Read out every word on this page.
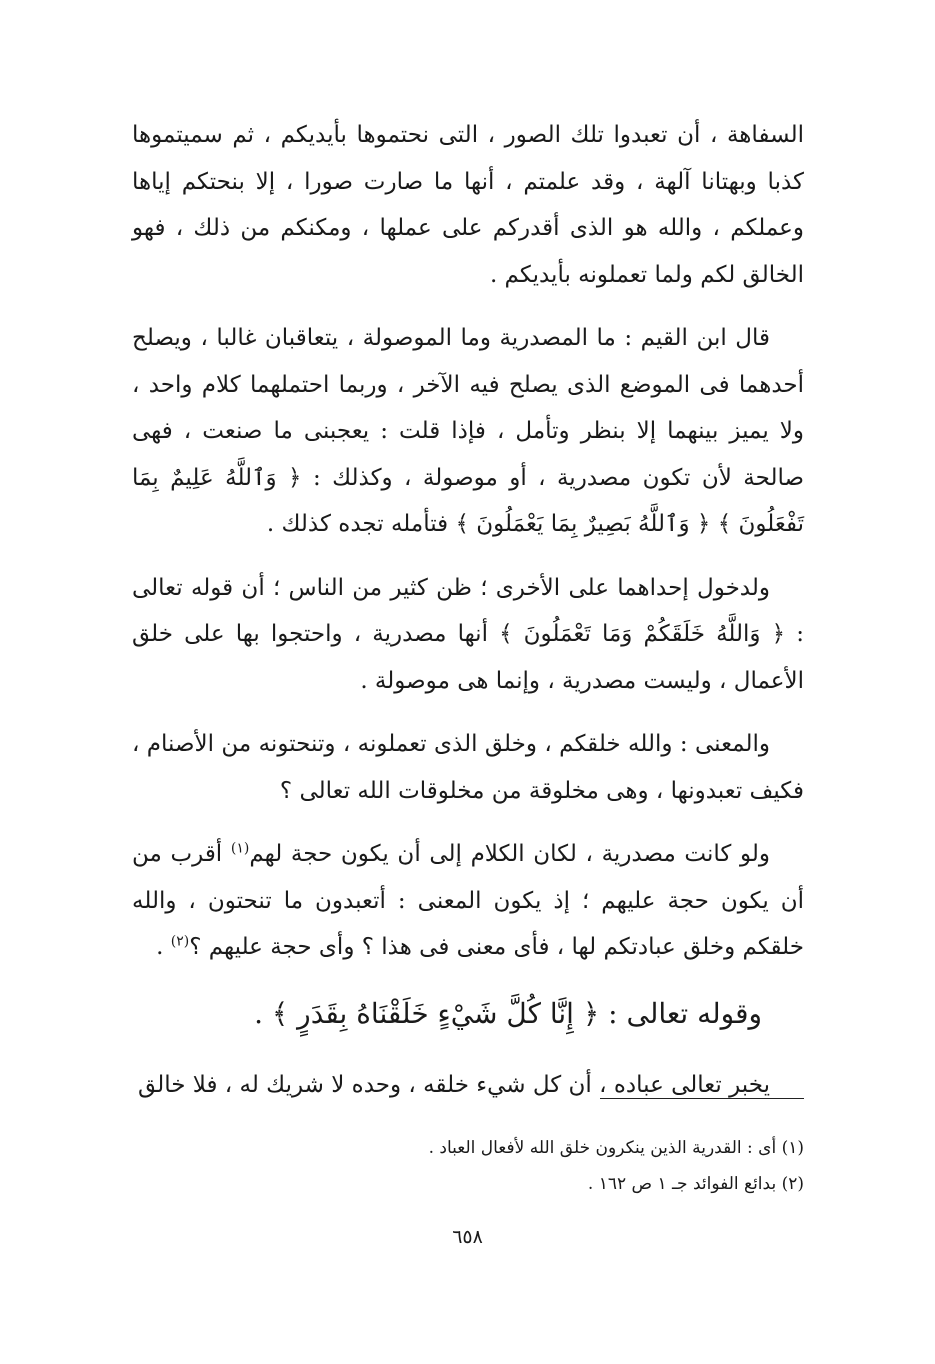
السفاهة ، أن تعبدوا تلك الصور ، التى نحتموها بأيديكم ، ثم سميتموها كذبا وبهتانا آلهة ، وقد علمتم ، أنها ما صارت صورا ، إلا بنحتكم إياها وعملكم ، والله هو الذى أقدركم على عملها ، ومكنكم من ذلك ، فهو الخالق لكم ولما تعملونه بأيديكم .

قال ابن القيم : ما المصدرية وما الموصولة ، يتعاقبان غالبا ، ويصلح أحدهما فى الموضع الذى يصلح فيه الآخر ، وربما احتملهما كلام واحد ، ولا يميز بينهما إلا بنظر وتأمل ، فإذا قلت : يعجبنى ما صنعت ، فهى صالحة لأن تكون مصدرية ، أو موصولة ، وكذلك : ﴿ وَٱللَّهُ عَلِيمٌ بِمَا تَفْعَلُونَ ﴾ ﴿ وَٱللَّهُ بَصِيرٌ بِمَا يَعْمَلُونَ ﴾ فتأمله تجده كذلك .

ولدخول إحداهما على الأخرى ؛ ظن كثير من الناس ؛ أن قوله تعالى : ﴿ وَاللَّهُ خَلَقَكُمْ وَمَا تَعْمَلُونَ ﴾ أنها مصدرية ، واحتجوا بها على خلق الأعمال ، وليست مصدرية ، وإنما هى موصولة .

والمعنى : والله خلقكم ، وخلق الذى تعملونه ، وتنحتونه من الأصنام ، فكيف تعبدونها ، وهى مخلوقة من مخلوقات الله تعالى ؟

ولو كانت مصدرية ، لكان الكلام إلى أن يكون حجة لهم$^{(١)}$ أقرب من أن يكون حجة عليهم ؛ إذ يكون المعنى : أتعبدون ما تنحتون ، والله خلقكم وخلق عبادتكم لها ، فأى معنى فى هذا ؟ وأى حجة عليهم ؟$^{(٢)}$ .

وقوله تعالى : ﴿ إِنَّا كُلَّ شَيْءٍ خَلَقْنَاهُ بِقَدَرٍ ﴾ .

يخبر تعالى عباده ، أن كل شيء خلقه ، وحده لا شريك له ، فلا خالق

(١) أى : القدرية الذين ينكرون خلق الله لأفعال العباد .

(٢) بدائع الفوائد جـ ١ ص ١٦٢ .

٦٥٨
